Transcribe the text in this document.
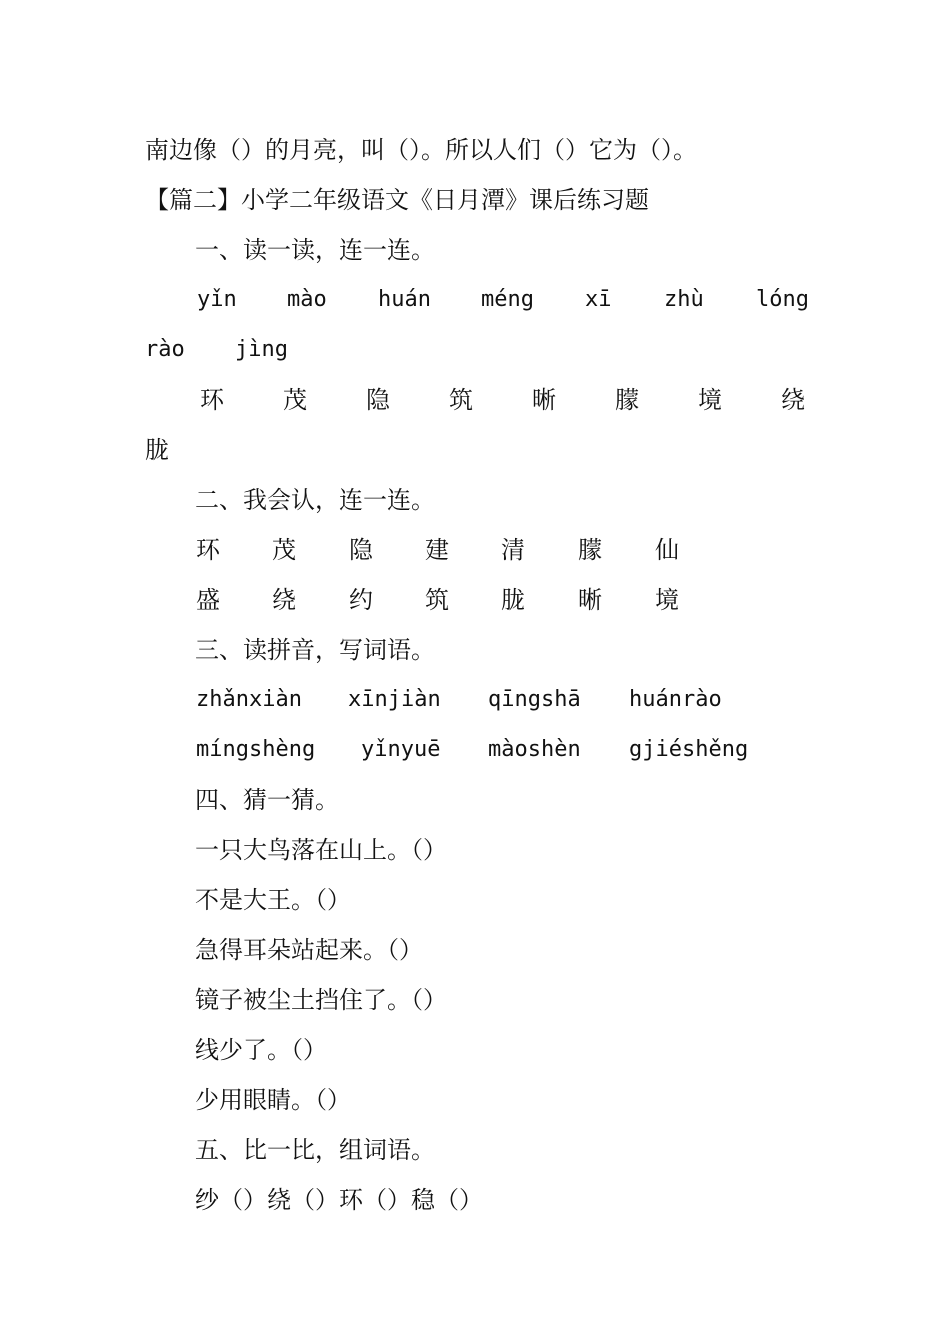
南边像（）的月亮，叫（）。所以人们（）它为（）。
【篇二】小学二年级语文《日月潭》课后练习题
一、读一读，连一连。
yǐn mào huán méng xī zhù lóng
rào jìng
环 茂 隐 筑 晰 朦 境 绕
胧
二、我会认，连一连。
环 茂 隐 建 清 朦 仙
盛 绕 约 筑 胧 晰 境
三、读拼音，写词语。
zhǎnxiàn xīnjiàn qīngshā huánrào
míngshèng yǐnyuē màoshèn gjiéshěng
四、猜一猜。
一只大鸟落在山上。（）
不是大王。（）
急得耳朵站起来。（）
镜子被尘土挡住了。（）
线少了。（）
少用眼睛。（）
五、比一比，组词语。
纱（）绕（）环（）稳（）
